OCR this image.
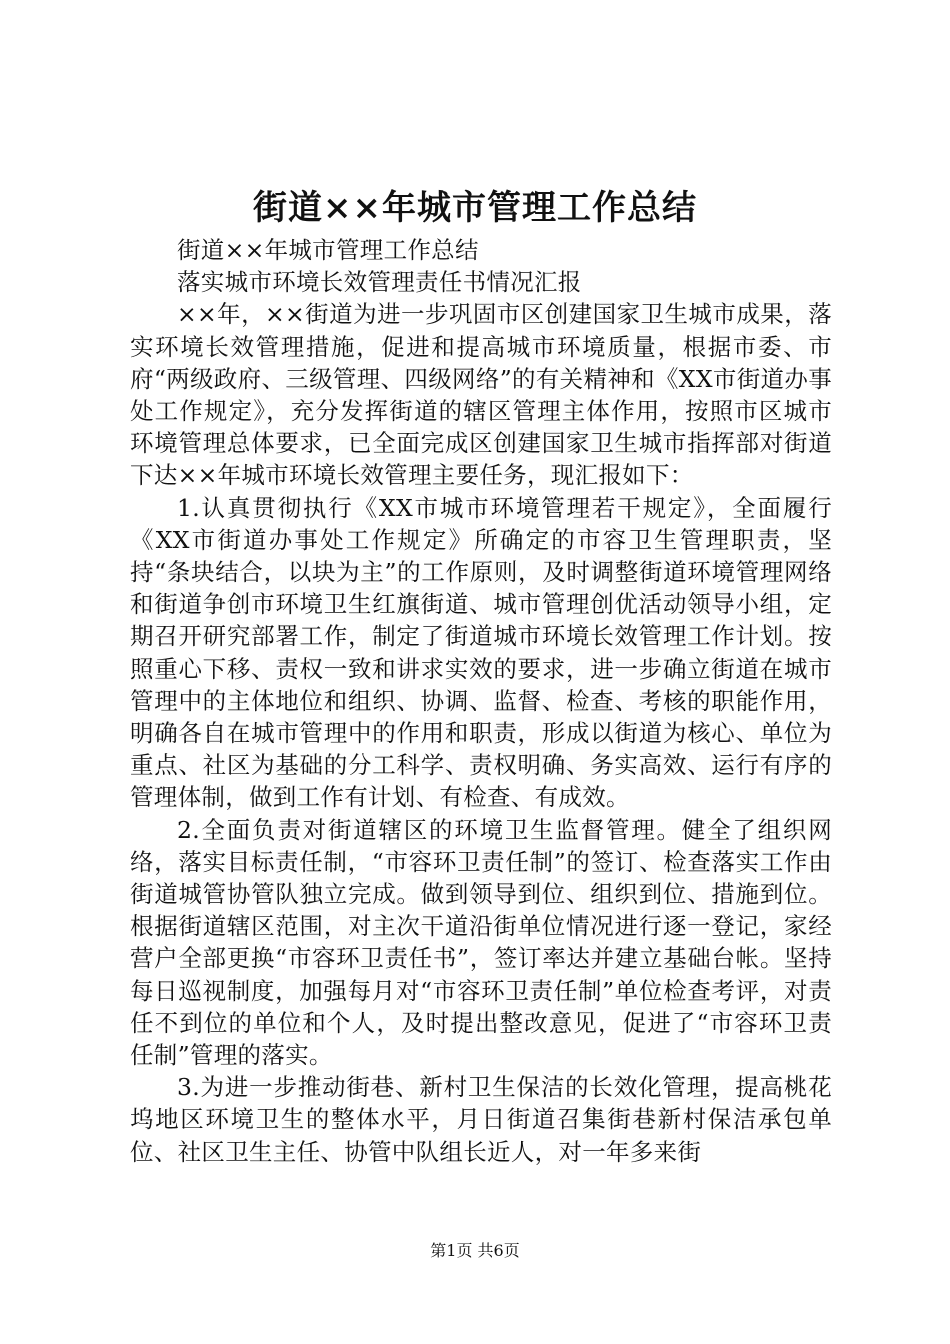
街道××年城市管理工作总结

街道××年城市管理工作总结

落实城市环境长效管理责任书情况汇报

××年，××街道为进一步巩固市区创建国家卫生城市成果，落实环境长效管理措施，促进和提高城市环境质量，根据市委、市府“两级政府、三级管理、四级网络”的有关精神和《XX市街道办事处工作规定》，充分发挥街道的辖区管理主体作用，按照市区城市环境管理总体要求，已全面完成区创建国家卫生城市指挥部对街道下达××年城市环境长效管理主要任务，现汇报如下：

1.认真贯彻执行《XX市城市环境管理若干规定》，全面履行《XX市街道办事处工作规定》所确定的市容卫生管理职责，坚持“条块结合，以块为主”的工作原则，及时调整街道环境管理网络和街道争创市环境卫生红旗街道、城市管理创优活动领导小组，定期召开研究部署工作，制定了街道城市环境长效管理工作计划。按照重心下移、责权一致和讲求实效的要求，进一步确立街道在城市管理中的主体地位和组织、协调、监督、检查、考核的职能作用，明确各自在城市管理中的作用和职责，形成以街道为核心、单位为重点、社区为基础的分工科学、责权明确、务实高效、运行有序的管理体制，做到工作有计划、有检查、有成效。

2.全面负责对街道辖区的环境卫生监督管理。健全了组织网络，落实目标责任制，“市容环卫责任制”的签订、检查落实工作由街道城管协管队独立完成。做到领导到位、组织到位、措施到位。根据街道辖区范围，对主次干道沿街单位情况进行逐一登记，家经营户全部更换“市容环卫责任书”，签订率达并建立基础台帐。坚持每日巡视制度，加强每月对“市容环卫责任制”单位检查考评，对责任不到位的单位和个人，及时提出整改意见，促进了“市容环卫责任制”管理的落实。

3.为进一步推动街巷、新村卫生保洁的长效化管理，提高桃花坞地区环境卫生的整体水平，月日街道召集街巷新村保洁承包单位、社区卫生主任、协管中队组长近人，对一年多来街

第1页 共6页
